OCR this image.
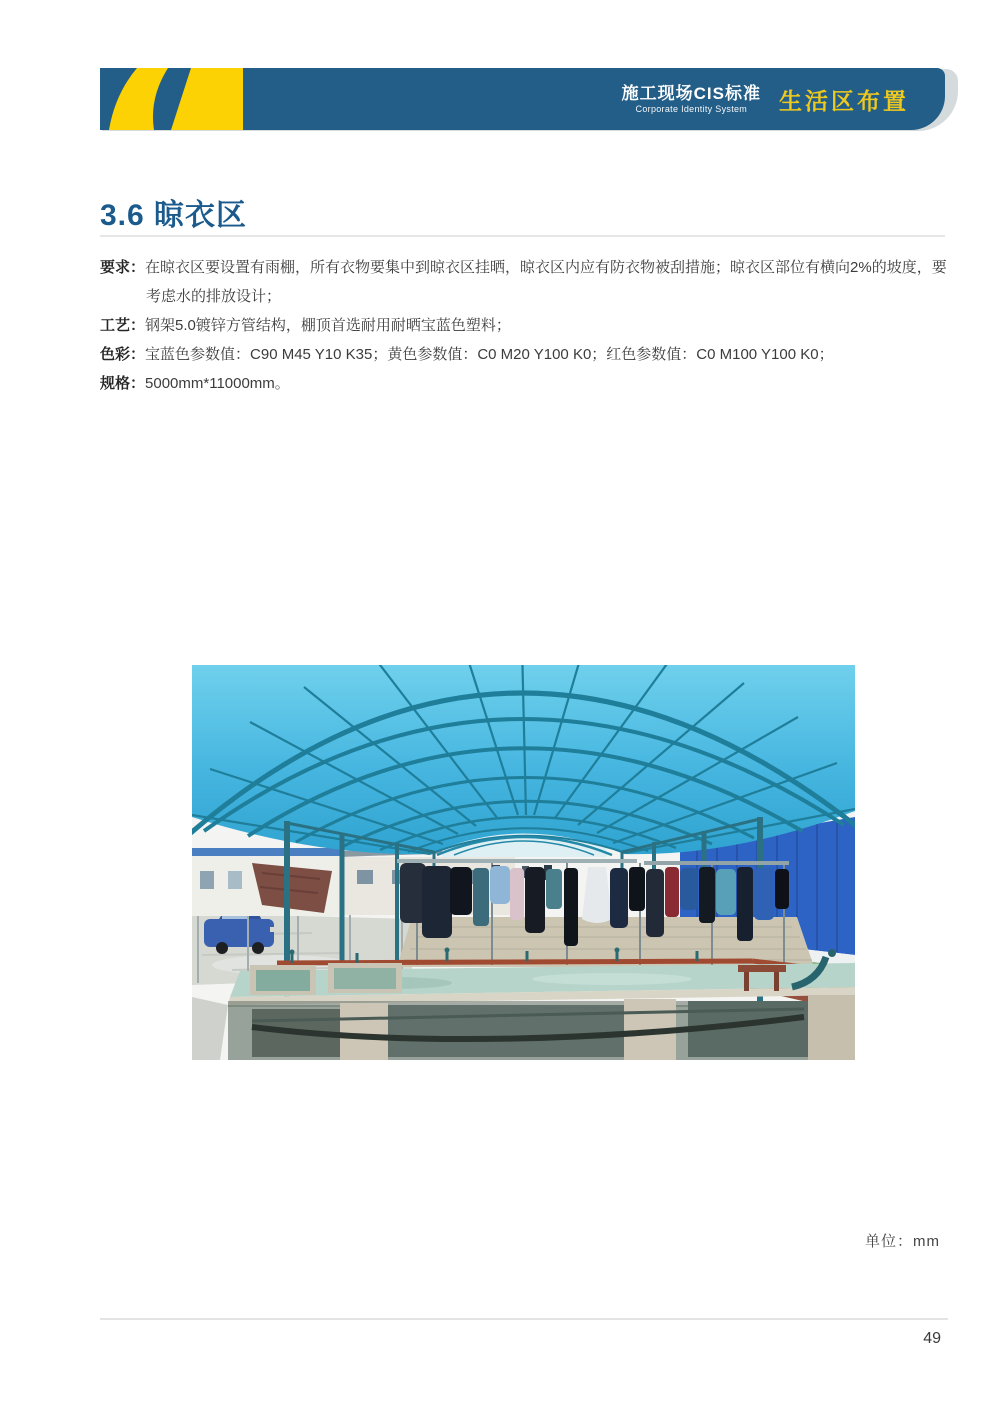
施工现场CIS标准
Corporate Identity System	生活区布置
3.6 晾衣区

要求：在晾衣区要设置有雨棚，所有衣物要集中到晾衣区挂晒，晾衣区内应有防衣物被刮措施；晾衣区部位有横向2%的坡度，要考虑水的排放设计；

工艺：钢架5.0镀锌方管结构，棚顶首选耐用耐晒宝蓝色塑料；

色彩：宝蓝色参数值：C90 M45 Y10 K35；黄色参数值：C0 M20 Y100 K0；红色参数值：C0 M100 Y100 K0；

规格：5000mm*11000mm。

单位：mm
49
